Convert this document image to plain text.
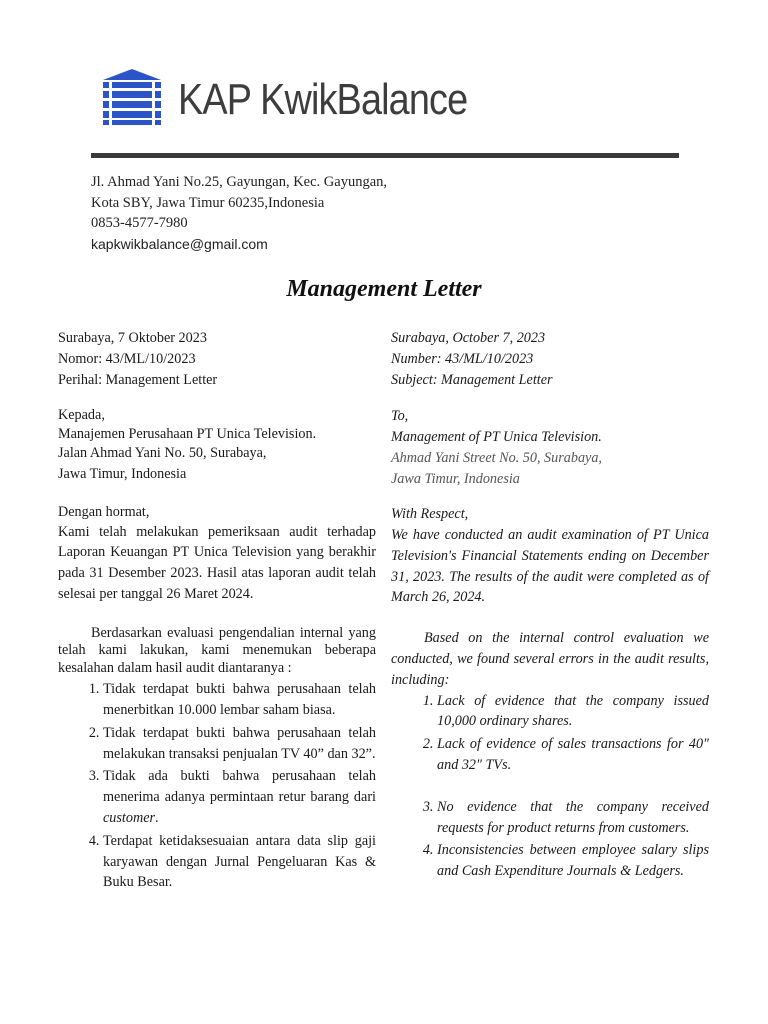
KAP KwikBalance
Jl. Ahmad Yani No.25, Gayungan, Kec. Gayungan,
Kota SBY, Jawa Timur 60235,Indonesia
0853-4577-7980
kapkwikbalance@gmail.com
Management Letter
Surabaya, 7 Oktober 2023
Nomor: 43/ML/10/2023
Perihal: Management Letter
Kepada,
Manajemen Perusahaan PT Unica Television.
Jalan Ahmad Yani No. 50, Surabaya,
Jawa Timur, Indonesia
Dengan hormat,

Kami telah melakukan pemeriksaan audit terhadap Laporan Keuangan PT Unica Television yang berakhir pada 31 Desember 2023. Hasil atas laporan audit telah selesai per tanggal 26 Maret 2024.

Berdasarkan evaluasi pengendalian internal yang telah kami lakukan, kami menemukan beberapa kesalahan dalam hasil audit diantaranya :

1. Tidak terdapat bukti bahwa perusahaan telah menerbitkan 10.000 lembar saham biasa.
2. Tidak terdapat bukti bahwa perusahaan telah melakukan transaksi penjualan TV 40” dan 32”.
3. Tidak ada bukti bahwa perusahaan telah menerima adanya permintaan retur barang dari customer.
4. Terdapat ketidaksesuaian antara data slip gaji karyawan dengan Jurnal Pengeluaran Kas & Buku Besar.
Surabaya, October 7, 2023
Number: 43/ML/10/2023
Subject: Management Letter
To,
Management of PT Unica Television.
Ahmad Yani Street No. 50, Surabaya,
Jawa Timur, Indonesia
With Respect,

We have conducted an audit examination of PT Unica Television's Financial Statements ending on December 31, 2023. The results of the audit were completed as of March 26, 2024.

Based on the internal control evaluation we conducted, we found several errors in the audit results, including:

1. Lack of evidence that the company issued 10,000 ordinary shares.
2. Lack of evidence of sales transactions for 40" and 32" TVs.
3. No evidence that the company received requests for product returns from customers.
4. Inconsistencies between employee salary slips and Cash Expenditure Journals & Ledgers.
